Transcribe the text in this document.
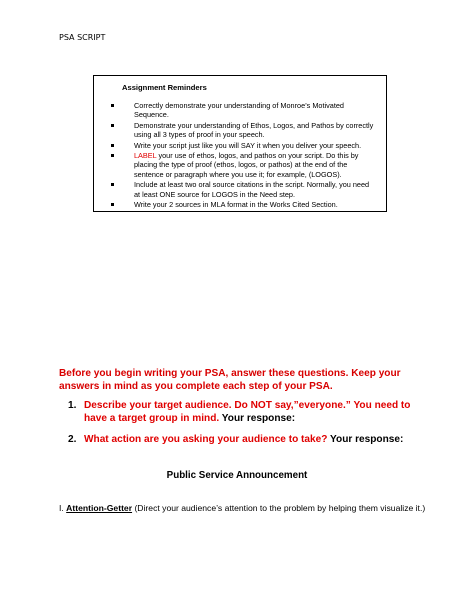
PSA SCRIPT
Assignment Reminders
Correctly demonstrate your understanding of Monroe’s Motivated Sequence.
Demonstrate your understanding of Ethos, Logos, and Pathos by correctly using all 3 types of proof in your speech.
Write your script just like you will SAY it when you deliver your speech.
LABEL your use of ethos, logos, and pathos on your script. Do this by placing the type of proof (ethos, logos, or pathos) at the end of the sentence or paragraph where you use it; for example, (LOGOS).
Include at least two oral source citations in the script. Normally, you need at least ONE source for LOGOS in the Need step.
Write your 2 sources in MLA format in the Works Cited Section.
Before you begin writing your PSA, answer these questions. Keep your answers in mind as you complete each step of your PSA.
1. Describe your target audience. Do NOT say,”everyone.” You need to have a target group in mind. Your response:
2. What action are you asking your audience to take? Your response:
Public Service Announcement
I. Attention-Getter (Direct your audience’s attention to the problem by helping them visualize it.)
